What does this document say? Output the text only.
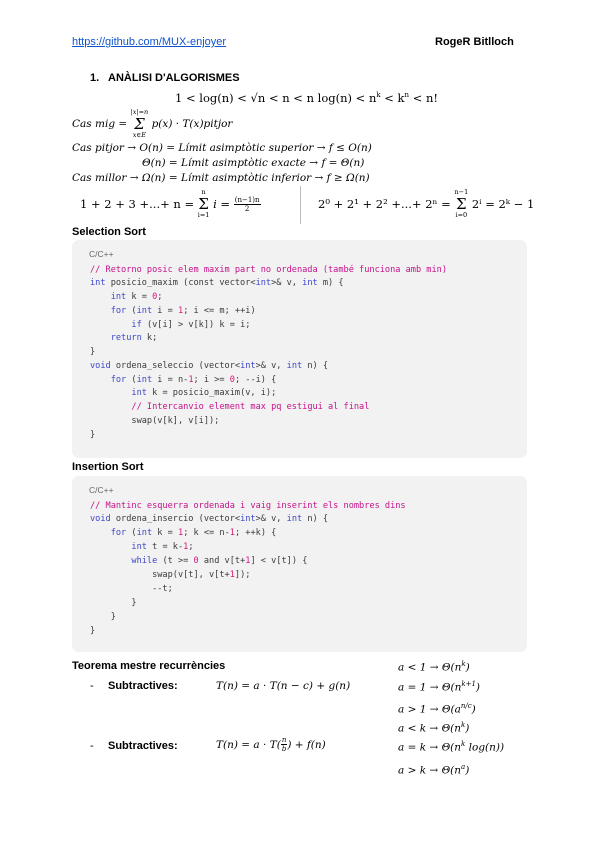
https://github.com/MUX-enjoyer	RogeR Bitlloch
1. ANÀLISI D'ALGORISMES
1 < log(n) < √n < n < n $\log(n) < n^k < k^n < n$!
Cas mig =
|x|=n
Σ
x∈E
p(x) · T(x)pitjor
Cas pitjor → O(n) = Límit asimptòtic superior → f ≤ O(n)
Θ(n) = Límit asimptòtic exacte → f = Θ(n)
Cas millor → Ω(n) = Límit asimptòtic inferior → f ≥ Ω(n)
1 + 2 + 3 +...+ n =
n
Σ
i=1
$i = \frac{(n-1)n}{2}$	2⁰ + 2¹ + 2² +...+ 2ⁿ =
n−1
Σ
i=0
2ⁱ = 2ᵏ − 1
Selection Sort
C/C++
// Retorno posic elem maxim part no ordenada (també funciona amb min)
int posicio_maxim (const vector<int>& v, int m) {
int k = 0;
for (int i = 1; i <= m; ++i)
if (v[i] > v[k]) k = i;
return k;
}
void ordena_seleccio (vector<int>& v, int n) {
for (int i = n-1; i >= 0; --i) {
int k = posicio_maxim(v, i);
// Intercanvio element max pq estigui al final
swap(v[k], v[i]);
}
Insertion Sort
C/C++
// Mantinc esquerra ordenada i vaig inserint els nombres dins
void ordena_insercio (vector<int>& v, int n) {
for (int k = 1; k <= n-1; ++k) {
int t = k-1;
while (t >= 0 and v[t+1] < v[t]) {
swap(v[t], v[t+1]);
--t;
}
}
}
Teorema mestre recurrències
- Subtractives:	T(n) = a · T(n − c) + g(n)
- Subtractives:	$T(n) = a \cdot T( \frac{n}{b}$ ) + f(n)
$a < 1 \to \Theta(n^k)$
$a = 1 \to \Theta(n^{k+1})$
$a > 1 \to \Theta(a^{n/c})$
$a < k \to \Theta(n^k)$
$a = k \to \Theta(n^k$ log(n))
$a > k \to \Theta(n^a)$
